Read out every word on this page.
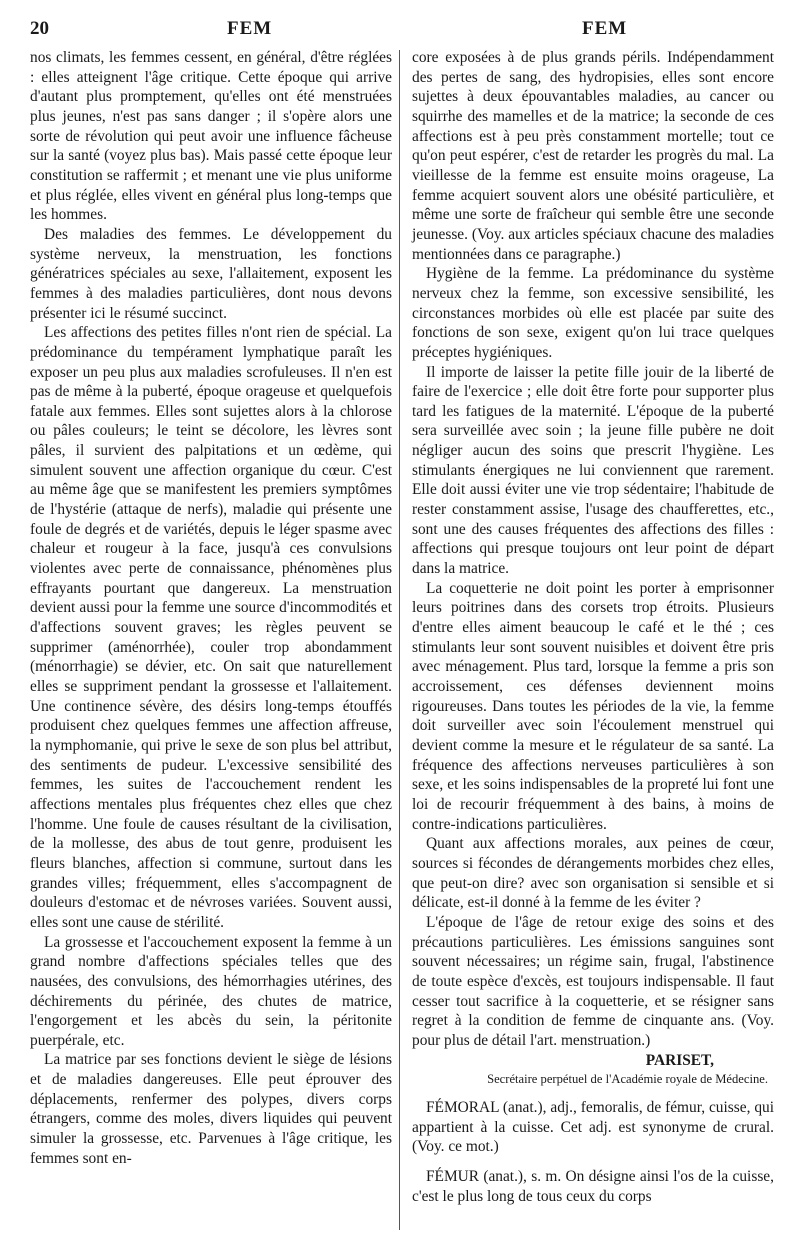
20	FEM	FEM

nos climats, les femmes cessent, en général, d'être réglées : elles atteignent l'âge critique. Cette époque qui arrive d'autant plus promptement, qu'elles ont été menstruées plus jeunes, n'est pas sans danger ; il s'opère alors une sorte de révolution qui peut avoir une influence fâcheuse sur la santé (voyez plus bas). Mais passé cette époque leur constitution se raffermit ; et menant une vie plus uniforme et plus réglée, elles vivent en général plus long-temps que les hommes.

Des maladies des femmes. Le développement du système nerveux, la menstruation, les fonctions génératrices spéciales au sexe, l'allaitement, exposent les femmes à des maladies particulières, dont nous devons présenter ici le résumé succinct.

Les affections des petites filles n'ont rien de spécial. La prédominance du tempérament lymphatique paraît les exposer un peu plus aux maladies scrofuleuses. Il n'en est pas de même à la puberté, époque orageuse et quelquefois fatale aux femmes. Elles sont sujettes alors à la chlorose ou pâles couleurs; le teint se décolore, les lèvres sont pâles, il survient des palpitations et un œdème, qui simulent souvent une affection organique du cœur. C'est au même âge que se manifestent les premiers symptômes de l'hystérie (attaque de nerfs), maladie qui présente une foule de degrés et de variétés, depuis le léger spasme avec chaleur et rougeur à la face, jusqu'à ces convulsions violentes avec perte de connaissance, phénomènes plus effrayants pourtant que dangereux. La menstruation devient aussi pour la femme une source d'incommodités et d'affections souvent graves; les règles peuvent se supprimer (aménorrhée), couler trop abondamment (ménorrhagie) se dévier, etc. On sait que naturellement elles se suppriment pendant la grossesse et l'allaitement. Une continence sévère, des désirs long-temps étouffés produisent chez quelques femmes une affection affreuse, la nymphomanie, qui prive le sexe de son plus bel attribut, des sentiments de pudeur. L'excessive sensibilité des femmes, les suites de l'accouchement rendent les affections mentales plus fréquentes chez elles que chez l'homme. Une foule de causes résultant de la civilisation, de la mollesse, des abus de tout genre, produisent les fleurs blanches, affection si commune, surtout dans les grandes villes; fréquemment, elles s'accompagnent de douleurs d'estomac et de névroses variées. Souvent aussi, elles sont une cause de stérilité.

La grossesse et l'accouchement exposent la femme à un grand nombre d'affections spéciales telles que des nausées, des convulsions, des hémorrhagies utérines, des déchirements du périnée, des chutes de matrice, l'engorgement et les abcès du sein, la péritonite puerpérale, etc.

La matrice par ses fonctions devient le siège de lésions et de maladies dangereuses. Elle peut éprouver des déplacements, renfermer des polypes, divers corps étrangers, comme des moles, divers liquides qui peuvent simuler la grossesse, etc. Parvenues à l'âge critique, les femmes sont en-

core exposées à de plus grands périls. Indépendamment des pertes de sang, des hydropisies, elles sont encore sujettes à deux épouvantables maladies, au cancer ou squirrhe des mamelles et de la matrice; la seconde de ces affections est à peu près constamment mortelle; tout ce qu'on peut espérer, c'est de retarder les progrès du mal. La vieillesse de la femme est ensuite moins orageuse, La femme acquiert souvent alors une obésité particulière, et même une sorte de fraîcheur qui semble être une seconde jeunesse. (Voy. aux articles spéciaux chacune des maladies mentionnées dans ce paragraphe.)

Hygiène de la femme. La prédominance du système nerveux chez la femme, son excessive sensibilité, les circonstances morbides où elle est placée par suite des fonctions de son sexe, exigent qu'on lui trace quelques préceptes hygiéniques.

Il importe de laisser la petite fille jouir de la liberté de faire de l'exercice ; elle doit être forte pour supporter plus tard les fatigues de la maternité. L'époque de la puberté sera surveillée avec soin ; la jeune fille pubère ne doit négliger aucun des soins que prescrit l'hygiène. Les stimulants énergiques ne lui conviennent que rarement. Elle doit aussi éviter une vie trop sédentaire; l'habitude de rester constamment assise, l'usage des chaufferettes, etc., sont une des causes fréquentes des affections des filles : affections qui presque toujours ont leur point de départ dans la matrice.

La coquetterie ne doit point les porter à emprisonner leurs poitrines dans des corsets trop étroits. Plusieurs d'entre elles aiment beaucoup le café et le thé ; ces stimulants leur sont souvent nuisibles et doivent être pris avec ménagement. Plus tard, lorsque la femme a pris son accroissement, ces défenses deviennent moins rigoureuses. Dans toutes les périodes de la vie, la femme doit surveiller avec soin l'écoulement menstruel qui devient comme la mesure et le régulateur de sa santé. La fréquence des affections nerveuses particulières à son sexe, et les soins indispensables de la propreté lui font une loi de recourir fréquemment à des bains, à moins de contre-indications particulières.

Quant aux affections morales, aux peines de cœur, sources si fécondes de dérangements morbides chez elles, que peut-on dire? avec son organisation si sensible et si délicate, est-il donné à la femme de les éviter ?

L'époque de l'âge de retour exige des soins et des précautions particulières. Les émissions sanguines sont souvent nécessaires; un régime sain, frugal, l'abstinence de toute espèce d'excès, est toujours indispensable. Il faut cesser tout sacrifice à la coquetterie, et se résigner sans regret à la condition de femme de cinquante ans. (Voy. pour plus de détail l'art. menstruation.)

PARISET,

Secrétaire perpétuel de l'Académie royale de Médecine.

FÉMORAL (anat.), adj., femoralis, de fémur, cuisse, qui appartient à la cuisse. Cet adj. est synonyme de crural. (Voy. ce mot.)

FÉMUR (anat.), s. m. On désigne ainsi l'os de la cuisse, c'est le plus long de tous ceux du corps
